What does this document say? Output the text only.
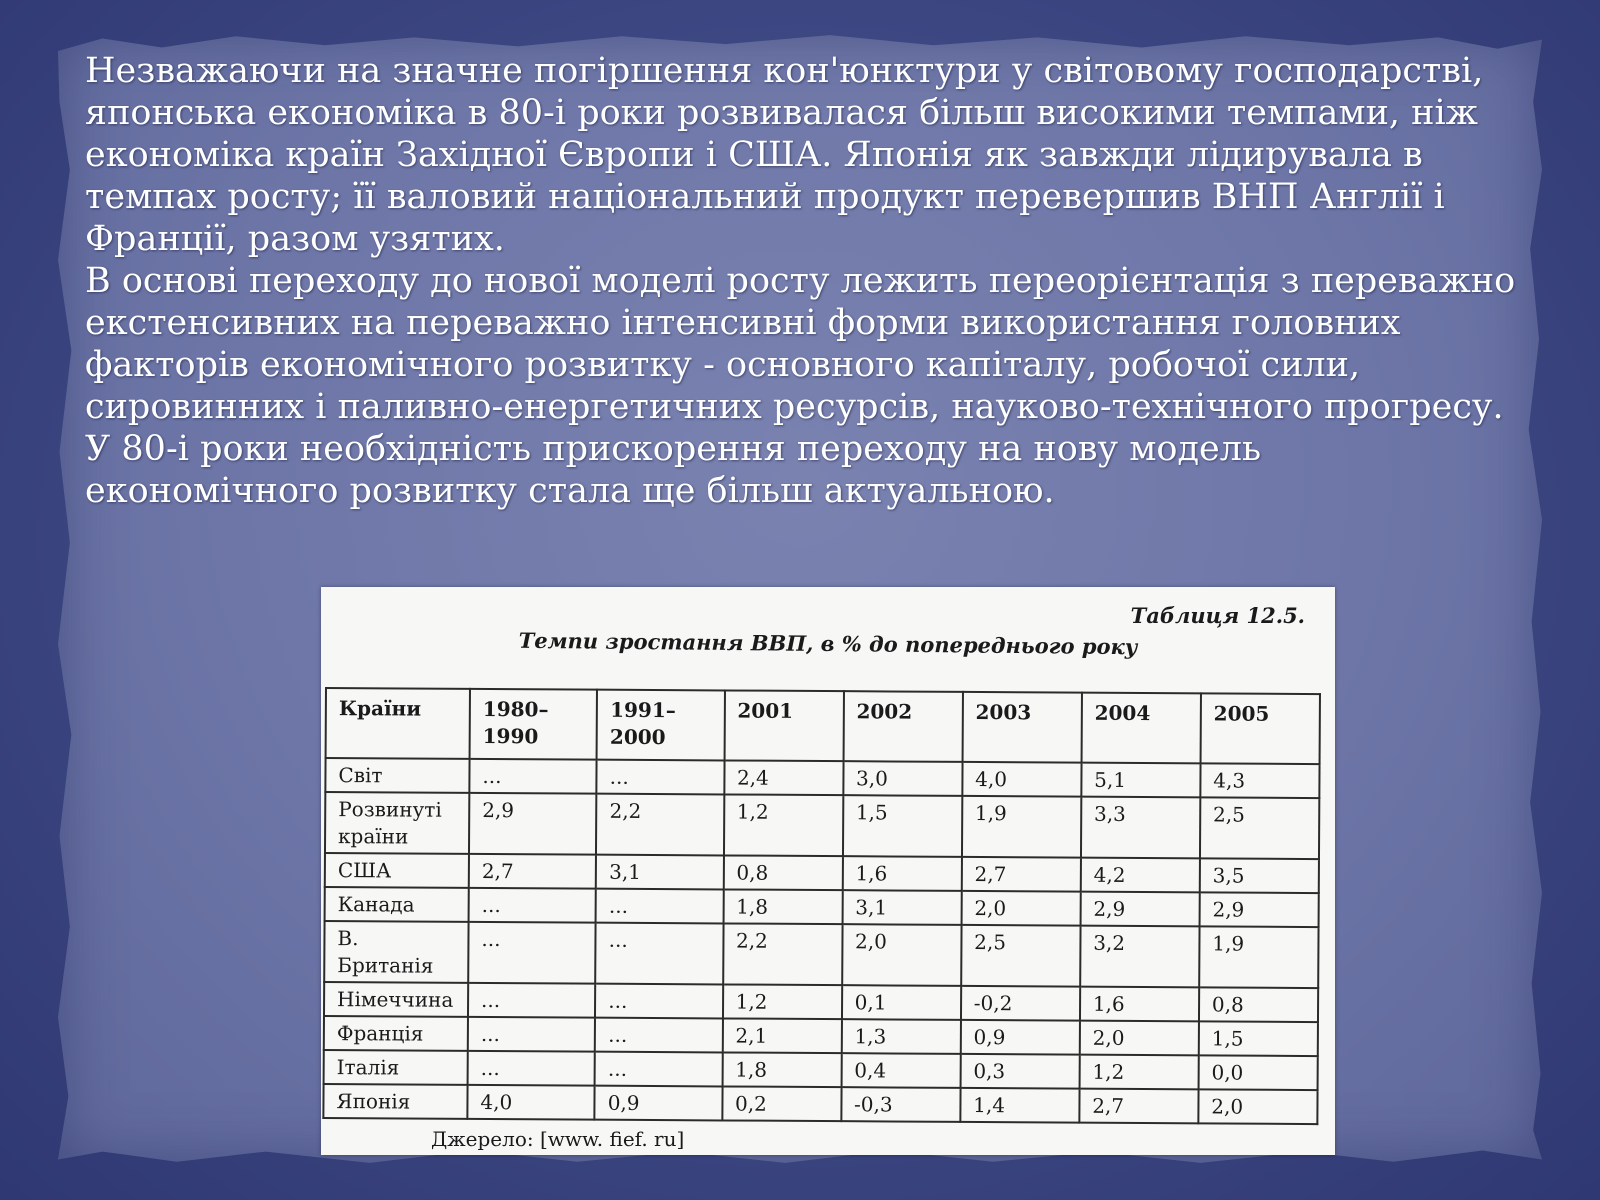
Незважаючи на значне погіршення кон'юнктури у світовому господарстві, японська економіка в 80-і роки розвивалася більш високими темпами, ніж економіка країн Західної Європи і США. Японія як завжди лідирувала в темпах росту; її валовий національний продукт перевершив ВНП Англії і Франції, разом узятих.
В основі переходу до нової моделі росту лежить переорієнтація з переважно екстенсивних на переважно інтенсивні форми використання головних факторів економічного розвитку - основного капіталу, робочої сили, сировинних і паливно-енергетичних ресурсів, науково-технічного прогресу.
У 80-і роки необхідність прискорення переходу на нову модель економічного розвитку стала ще більш актуальною.
Таблиця 12.5.
Темпи зростання ВВП, в % до попереднього року
Країни	1980–1990	1991–2000	2001	2002	2003	2004	2005
Світ	...	...	2,4	3,0	4,0	5,1	4,3
Розвинуті країни	2,9	2,2	1,2	1,5	1,9	3,3	2,5
США	2,7	3,1	0,8	1,6	2,7	4,2	3,5
Канада	...	...	1,8	3,1	2,0	2,9	2,9
В. Британія	...	...	2,2	2,0	2,5	3,2	1,9
Німеччина	...	...	1,2	0,1	-0,2	1,6	0,8
Франція	...	...	2,1	1,3	0,9	2,0	1,5
Італія	...	...	1,8	0,4	0,3	1,2	0,0
Японія	4,0	0,9	0,2	-0,3	1,4	2,7	2,0
Джерело: [www. fief. ru]
